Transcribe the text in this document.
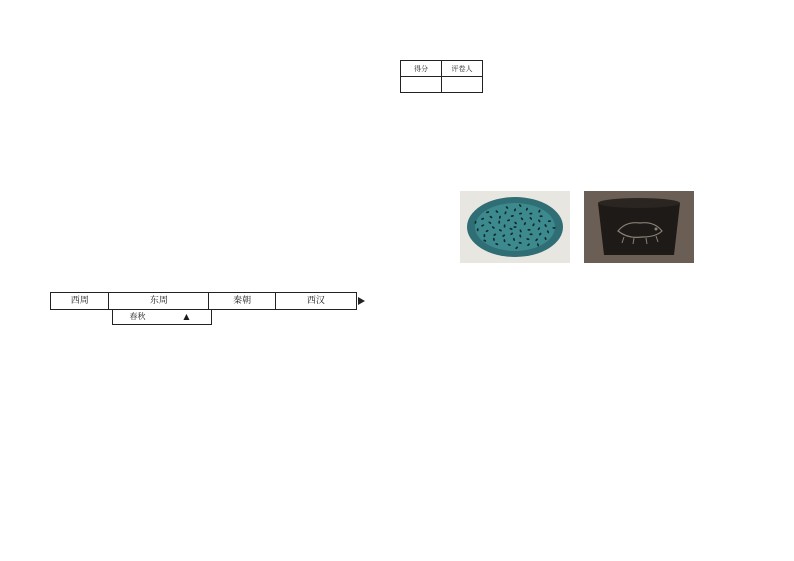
西周	东周	秦朝	西汉
春秋	▲
得分	评卷人
